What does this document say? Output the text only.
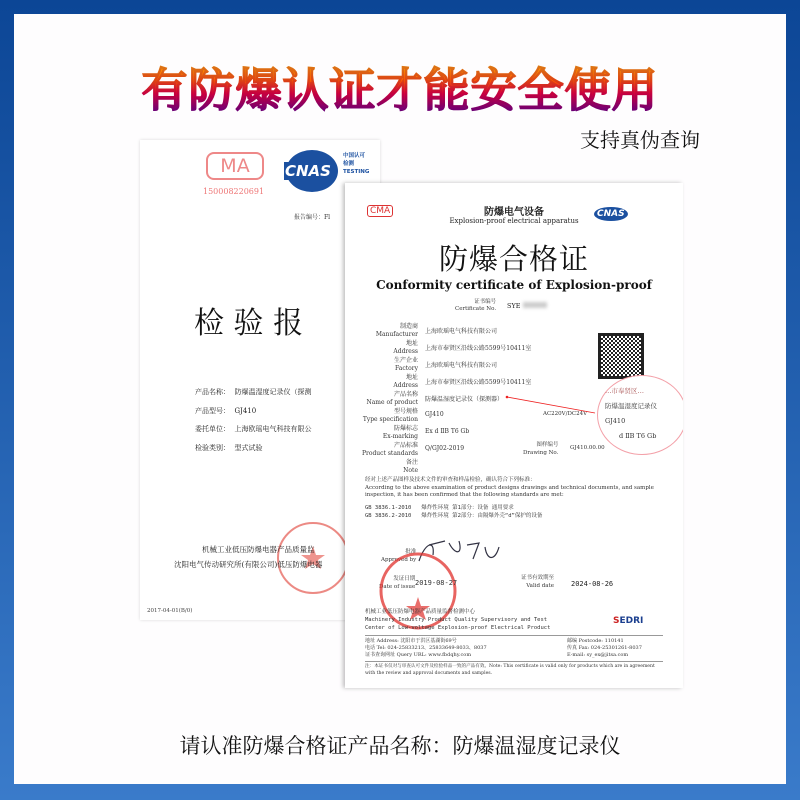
有防爆认证才能安全使用
支持真伪查询
MA
150008220691
CNAS
中国认可
检测
TESTING
报告编号：Fl
检 验 报
产品名称： 防爆温湿度记录仪（探测
产品型号： GJ410
委托单位： 上海欧瑶电气科技有限公
检验类别： 型式试验
机械工业低压防爆电器产品质量监
沈阳电气传动研究所(有限公司)低压防爆电器
2017-04-01(B/0)
CMA	防爆电气设备
Explosion-proof electrical apparatus
CNAS
防爆合格证
Conformity certificate of Explosion-proof
证书编号
Certificate No. SYE
制造商
Manufacturer 上海欧瑶电气科技有限公司
地址
Address 上海市奉贤区沿线公路5599号10411室
生产企业
Factory 上海欧瑶电气科技有限公司
地址
Address 上海市奉贤区沿线公路5599号10411室
产品名称
Name of product 防爆温湿度记录仪（探测器）
型号规格
Type specification
GJ410	AC220V/DC24V
防爆标志
Ex-marking
Ex d ⅡB T6 Gb
产品标准
Product standards
Q/GJ02-2019	图样编号
Drawing No.
GJ410.00.00
备注
Note
…市奉贤区…
防爆温湿度记录仪
GJ410
d ⅡB T6 Gb
经对上述产品图样及技术文件的审查和样品检验，确认符合下列标准：
According to the above examination of product designs drawings and technical documents, and sample inspection, it has been confirmed that the following standards are met:
GB 3836.1-2010 爆炸性环境 第1部分：设备 通用要求
GB 3836.2-2010 爆炸性环境 第2部分：由隔爆外壳“d”保护的设备
批准
Approved by
发证日期
Date of issue 2019-08-27
证书有效期至
Valid date 2024-08-26
机械工业低压防爆电器产品质量监督检测中心
Machinery Industry Product Quality Supervisory and Test
Center of Low-voltage Explosion-proof Electrical Product
SEDRI
地址 Address: 沈阳市于洪区基湖街69号
电话 Tel: 024-25833213、25833649-8033、8037
证书查询网址 Query URL: www.fbdqhy.com
邮编 Postcode: 110141
传真 Fax: 024-25301261-8037
E-mail: sy_ex@jitsa.com
注：本证书仅对与审查认可文件及检验样品一致的产品有效。Note: This certificate is valid only for products which are in agreement with the review and approval documents and samples.
请认准防爆合格证产品名称：防爆温湿度记录仪
